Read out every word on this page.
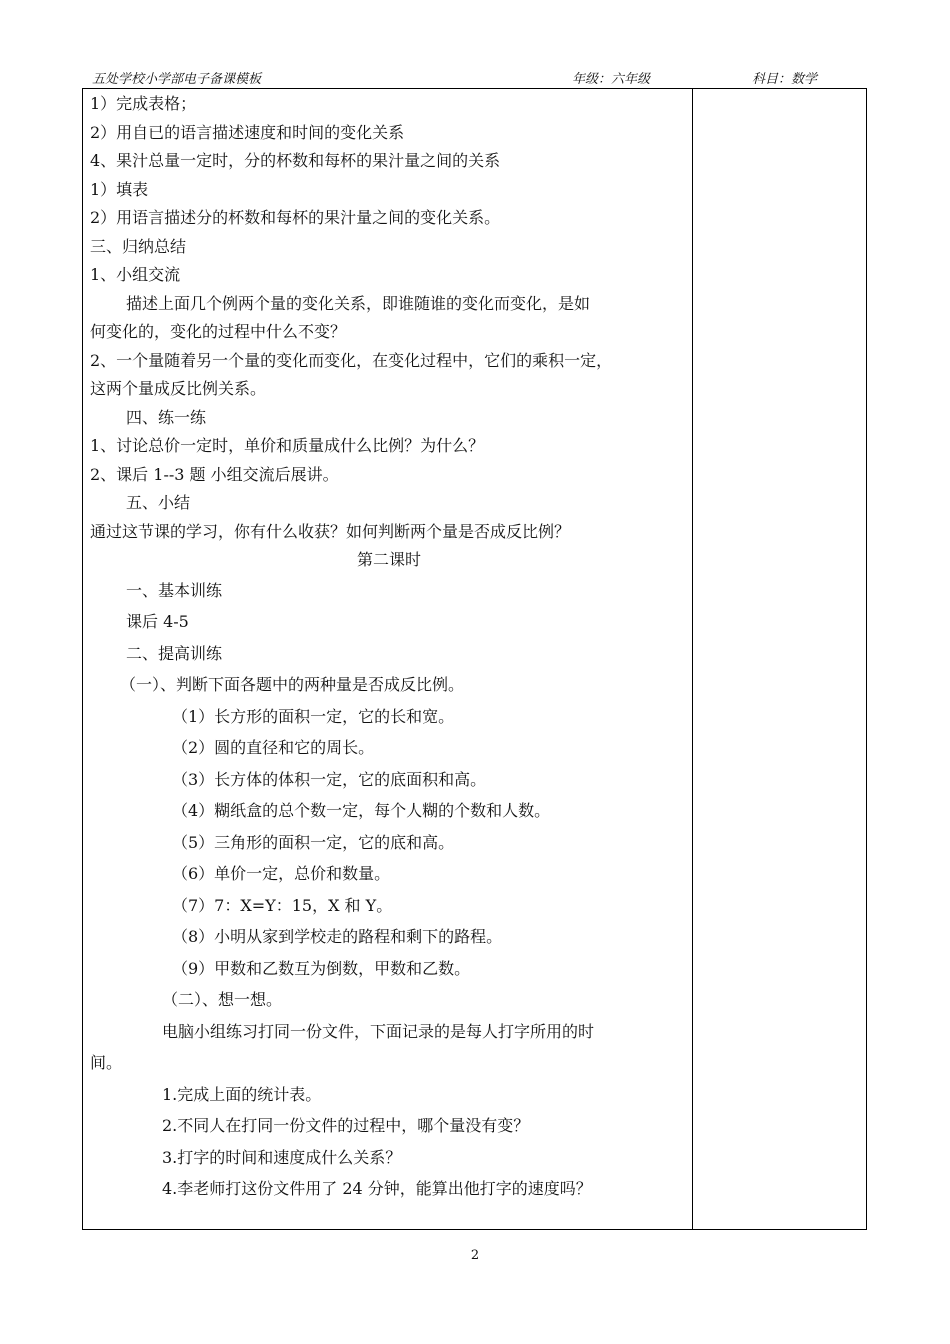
五处学校小学部电子备课模板	年级：六年级	科目：数学
1）完成表格；
2）用自已的语言描述速度和时间的变化关系
4、果汁总量一定时，分的杯数和每杯的果汁量之间的关系
1）填表
2）用语言描述分的杯数和每杯的果汁量之间的变化关系。
三、归纳总结
1、小组交流
描述上面几个例两个量的变化关系，即谁随谁的变化而变化，是如
何变化的，变化的过程中什么不变？
2、一个量随着另一个量的变化而变化，在变化过程中，它们的乘积一定，
这两个量成反比例关系。
四、练一练
1、讨论总价一定时，单价和质量成什么比例？为什么？
2、课后 1--3 题 小组交流后展讲。
五、小结
通过这节课的学习，你有什么收获？如何判断两个量是否成反比例？
第二课时
一、基本训练
课后 4-5
二、提高训练
（一）、判断下面各题中的两种量是否成反比例。
（1）长方形的面积一定，它的长和宽。
（2）圆的直径和它的周长。
（3）长方体的体积一定，它的底面积和高。
（4）糊纸盒的总个数一定，每个人糊的个数和人数。
（5）三角形的面积一定，它的底和高。
（6）单价一定，总价和数量。
（7）7：X=Y：15，X 和 Y。
（8）小明从家到学校走的路程和剩下的路程。
（9）甲数和乙数互为倒数，甲数和乙数。
（二）、想一想。
电脑小组练习打同一份文件，下面记录的是每人打字所用的时
间。
1.完成上面的统计表。
2.不同人在打同一份文件的过程中，哪个量没有变？
3.打字的时间和速度成什么关系？
4.李老师打这份文件用了 24 分钟，能算出他打字的速度吗？
2
